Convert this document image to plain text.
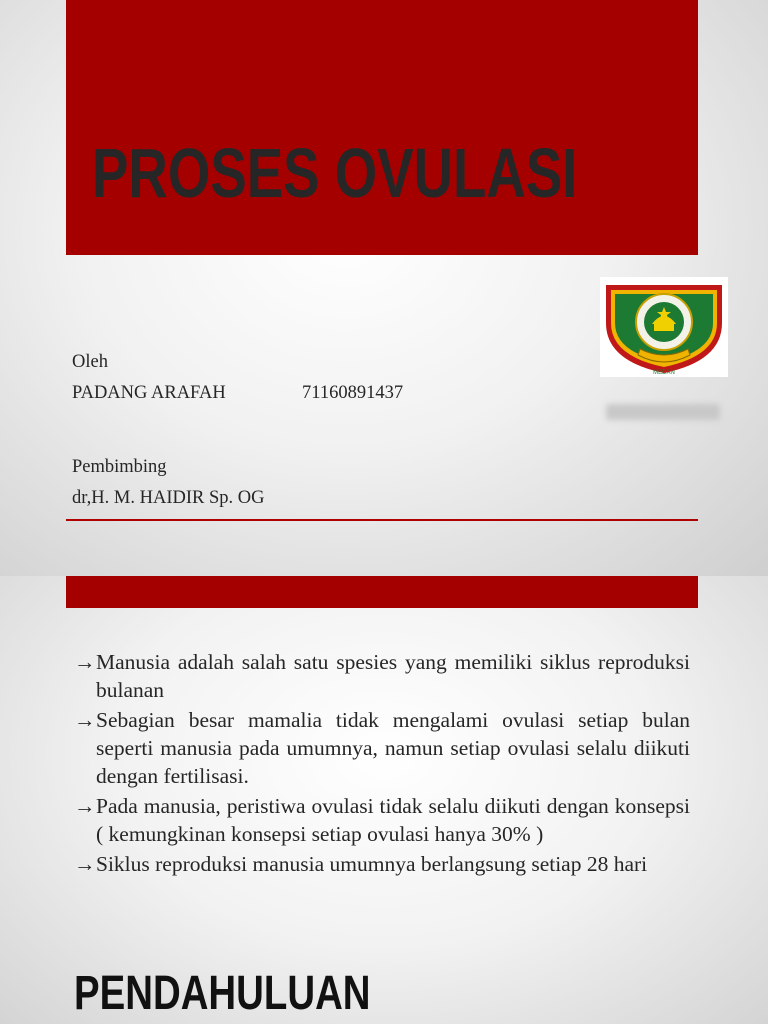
PROSES OVULASI
MEDAN
Oleh
PADANG ARAFAH	71160891437
Pembimbing
dr,H. M. HAIDIR Sp. OG
→Manusia adalah salah satu spesies yang memiliki siklus reproduksi bulanan
→Sebagian besar mamalia tidak mengalami ovulasi setiap bulan seperti manusia pada umumnya, namun setiap ovulasi selalu diikuti dengan fertilisasi.
→Pada manusia, peristiwa ovulasi tidak selalu diikuti dengan konsepsi ( kemungkinan konsepsi setiap ovulasi hanya 30% )
→Siklus reproduksi manusia umumnya berlangsung setiap 28 hari
PENDAHULUAN
